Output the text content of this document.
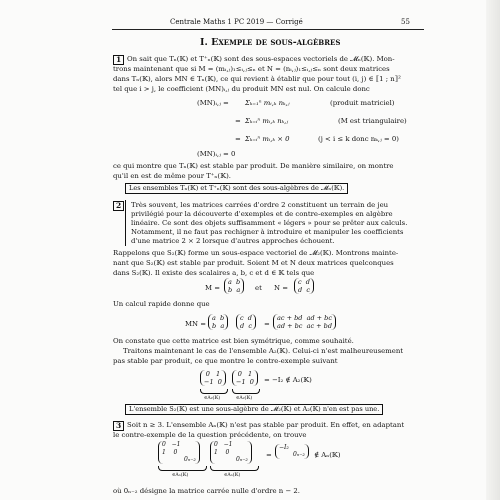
Centrale Maths 1 PC 2019 — Corrigé	55
I. Exemple de sous-algèbres
1 On sait que Tₙ(𝕂) et T⁺ₙ(𝕂) sont des sous-espaces vectoriels de 𝓜ₙ(𝕂). Mon-
trons maintenant que si M = (mᵢ,ⱼ)₁≤ᵢ,ⱼ≤ₙ et N = (nᵢ,ⱼ)₁≤ᵢ,ⱼ≤ₙ sont deux matrices
dans Tₙ(𝕂), alors MN ∈ Tₙ(𝕂), ce qui revient à établir que pour tout (i, j) ∈ ⟦1 ; n⟧²
tel que i > j, le coefficient (MN)ᵢ,ⱼ du produit MN est nul. On calcule donc
(MN)ᵢ,ⱼ = Σₖ₌₁ⁿ mᵢ,ₖ nₖ,ⱼ	(produit matriciel)
= Σₖ₌ᵢⁿ mᵢ,ₖ nₖ,ⱼ	(M est triangulaire)
= Σₖ₌ᵢⁿ mᵢ,ₖ × 0	(j < i ≤ k donc nₖ,ⱼ = 0)
(MN)ᵢ,ⱼ = 0
ce qui montre que Tₙ(𝕂) est stable par produit. De manière similaire, on montre
qu'il en est de même pour T⁺ₙ(𝕂).
Les ensembles Tₙ(𝕂) et T⁺ₙ(𝕂) sont des sous-algèbres de 𝓜ₙ(𝕂).
2	Très souvent, les matrices carrées d'ordre 2 constituent un terrain de jeu
privilégié pour la découverte d'exemples et de contre-exemples en algèbre
linéaire. Ce sont des objets suffisamment « légers » pour se prêter aux calculs.
Notamment, il ne faut pas rechigner à introduire et manipuler les coefficients
d'une matrice 2 × 2 lorsque d'autres approches échouent.
Rappelons que S₂(𝕂) forme un sous-espace vectoriel de 𝓜₂(𝕂). Montrons mainte-
nant que S₂(𝕂) est stable par produit. Soient M et N deux matrices quelconques
dans S₂(𝕂). Il existe des scalaires a, b, c et d ∈ 𝕂 tels que
M =
a b
b a et N =
c d
d c
Un calcul rapide donne que
MN =
a b
b a
c d
d c =
ac + bd ad + bc
ad + bc ac + bd
On constate que cette matrice est bien symétrique, comme souhaité.
Traitons maintenant le cas de l'ensemble A₂(𝕂). Celui-ci n'est malheureusement
pas stable par produit, ce que montre le contre-exemple suivant
0 1
−1 0
0 1
−1 0
∈A₂(𝕂)	∈A₂(𝕂)
= −I₂ ∉ A₂(𝕂)
L'ensemble S₂(𝕂) est une sous-algèbre de 𝓜₂(𝕂) et A₂(𝕂) n'en est pas une.
3 Soit n ≥ 3. L'ensemble Aₙ(𝕂) n'est pas stable par produit. En effet, en adaptant
le contre-exemple de la question précédente, on trouve
0 −1
1 0
0ₙ₋₂
0 −1
1 0
0ₙ₋₂
∈Aₙ(𝕂)	∈Aₙ(𝕂)
=
−I₂
0ₙ₋₂ ∉ Aₙ(𝕂)
où 0ₙ₋₂ désigne la matrice carrée nulle d'ordre n − 2.
